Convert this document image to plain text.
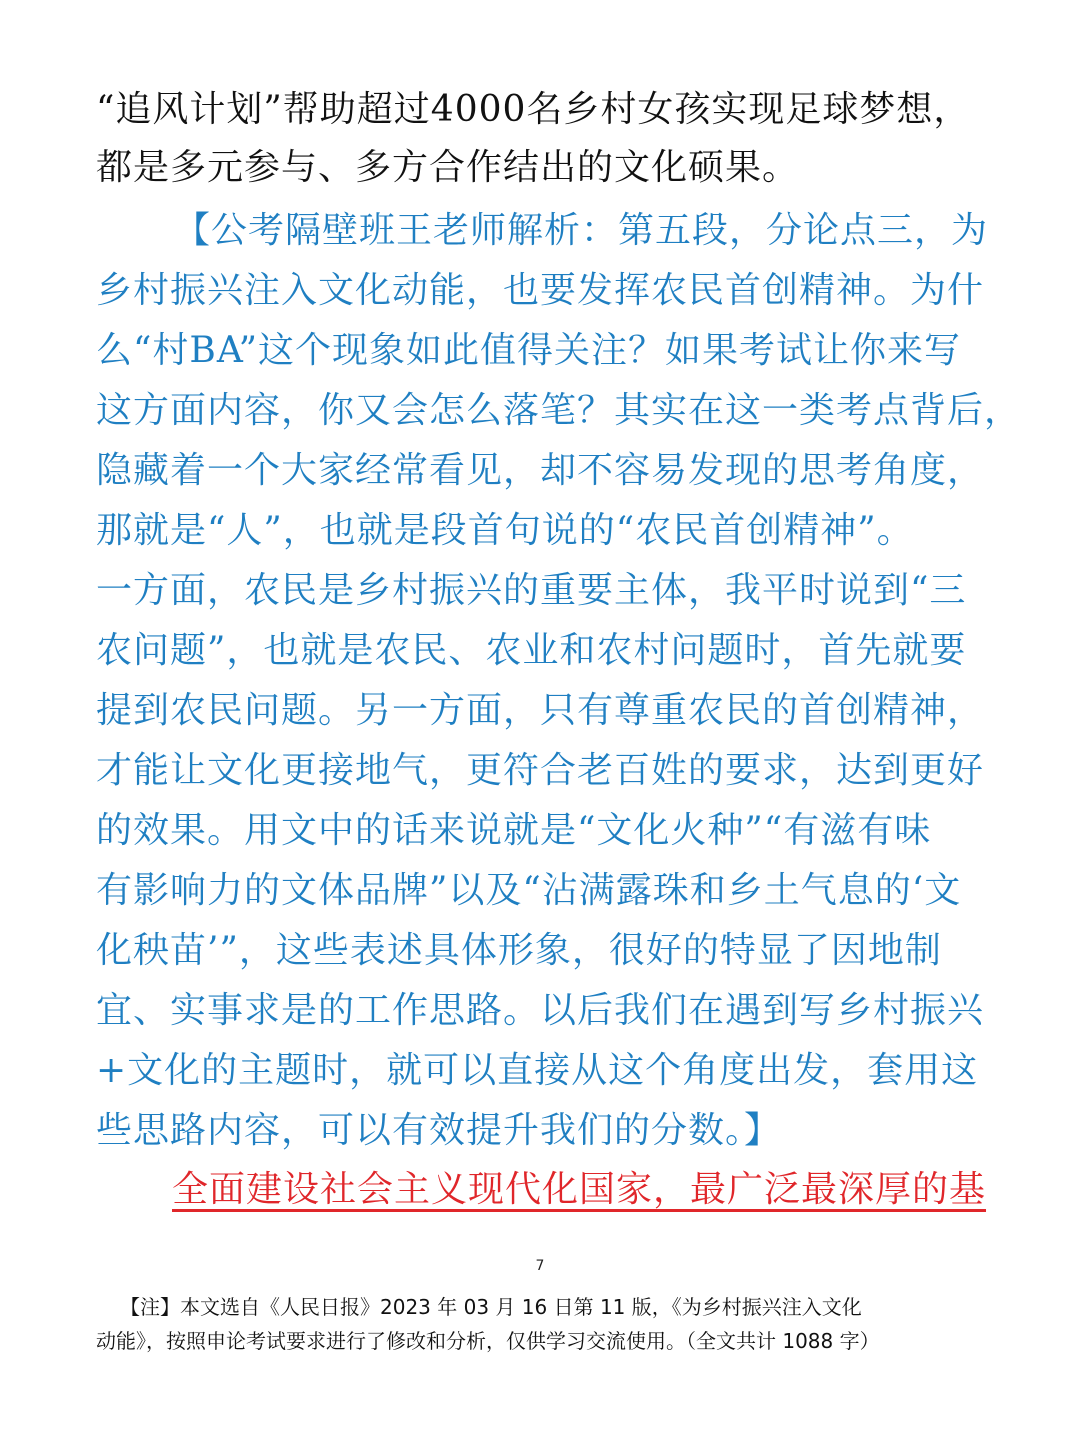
“追风计划”帮助超过4000名乡村女孩实现足球梦想，
都是多元参与、多方合作结出的文化硕果。
【公考隔壁班王老师解析：第五段，分论点三，为
乡村振兴注入文化动能，也要发挥农民首创精神。为什
么“村BA”这个现象如此值得关注？如果考试让你来写
这方面内容，你又会怎么落笔？其实在这一类考点背后，
隐藏着一个大家经常看见，却不容易发现的思考角度，
那就是“人”，也就是段首句说的“农民首创精神”。
一方面，农民是乡村振兴的重要主体，我平时说到“三
农问题”，也就是农民、农业和农村问题时，首先就要
提到农民问题。另一方面，只有尊重农民的首创精神，
才能让文化更接地气，更符合老百姓的要求，达到更好
的效果。用文中的话来说就是“文化火种”“有滋有味
有影响力的文体品牌”以及“沾满露珠和乡土气息的‘文
化秧苗’”，这些表述具体形象，很好的特显了因地制
宜、实事求是的工作思路。以后我们在遇到写乡村振兴
+文化的主题时，就可以直接从这个角度出发，套用这
些思路内容，可以有效提升我们的分数。】
全面建设社会主义现代化国家，最广泛最深厚的基
7
【注】本文选自《人民日报》2023 年 03 月 16 日第 11 版，《为乡村振兴注入文化
动能》，按照申论考试要求进行了修改和分析，仅供学习交流使用。（全文共计 1088 字）
